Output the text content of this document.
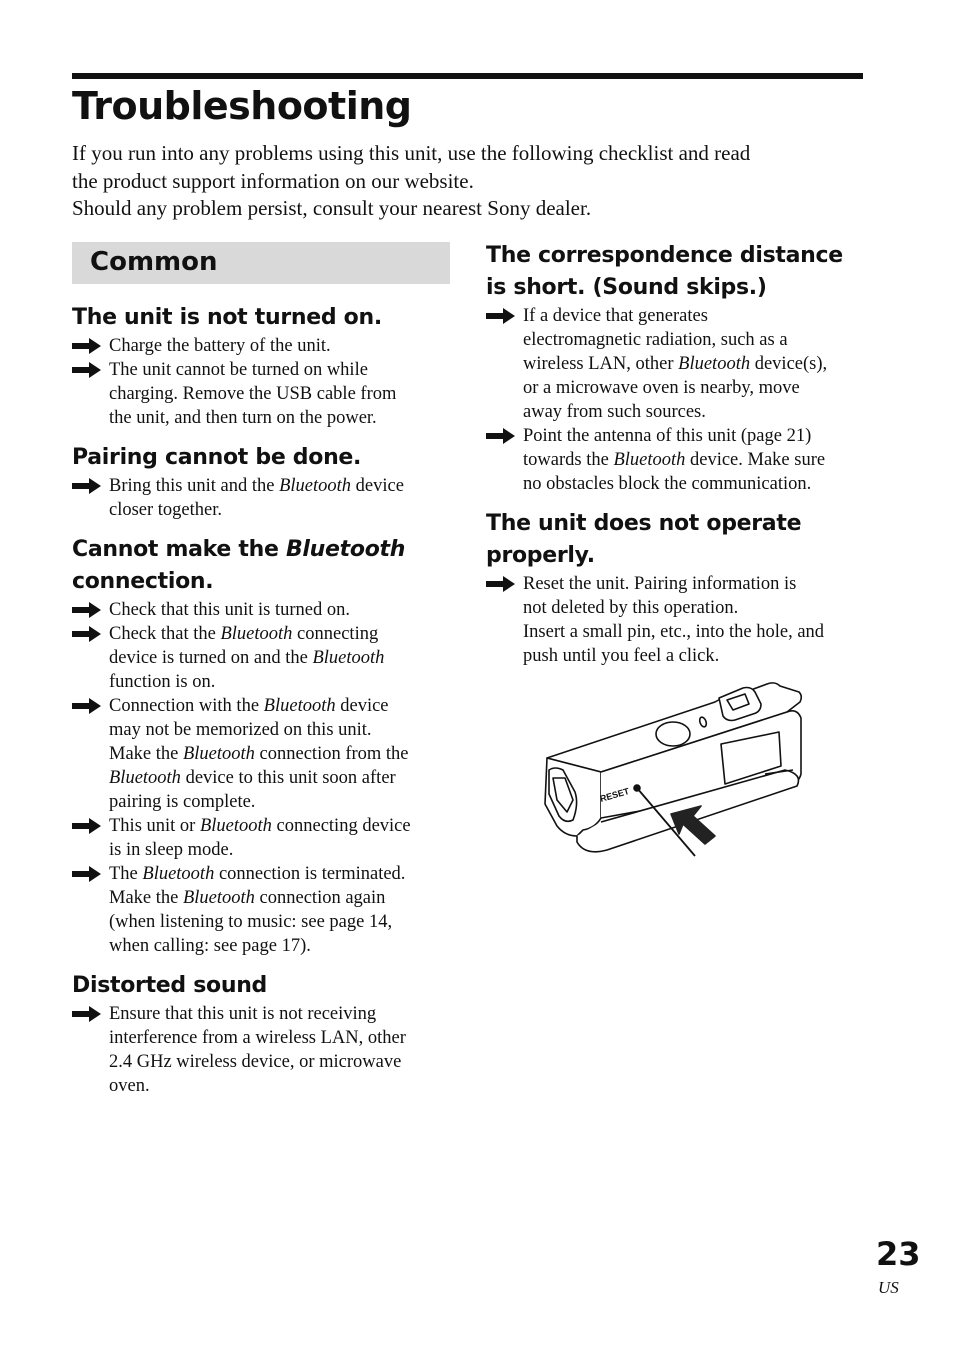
Troubleshooting

If you run into any problems using this unit, use the following checklist and read

the product support information on our website.

Should any problem persist, consult your nearest Sony dealer.

Common
The unit is not turned on.
Charge the battery of the unit.
The unit cannot be turned on while
charging. Remove the USB cable from
the unit, and then turn on the power.
Pairing cannot be done.
Bring this unit and the Bluetooth device
closer together.
Cannot make the Bluetooth
connection.
Check that this unit is turned on.
Check that the Bluetooth connecting
device is turned on and the Bluetooth
function is on.
Connection with the Bluetooth device
may not be memorized on this unit.
Make the Bluetooth connection from the
Bluetooth device to this unit soon after
pairing is complete.
This unit or Bluetooth connecting device
is in sleep mode.
The Bluetooth connection is terminated.
Make the Bluetooth connection again
(when listening to music: see page 14,
when calling: see page 17).
Distorted sound
Ensure that this unit is not receiving
interference from a wireless LAN, other
2.4 GHz wireless device, or microwave
oven.
The correspondence distance
is short. (Sound skips.)
If a device that generates
electromagnetic radiation, such as a
wireless LAN, other Bluetooth device(s),
or a microwave oven is nearby, move
away from such sources.
Point the antenna of this unit (page 21)
towards the Bluetooth device. Make sure
no obstacles block the communication.
The unit does not operate
properly.
Reset the unit. Pairing information is
not deleted by this operation.
Insert a small pin, etc., into the hole, and
push until you feel a click.
RESET
23
US
